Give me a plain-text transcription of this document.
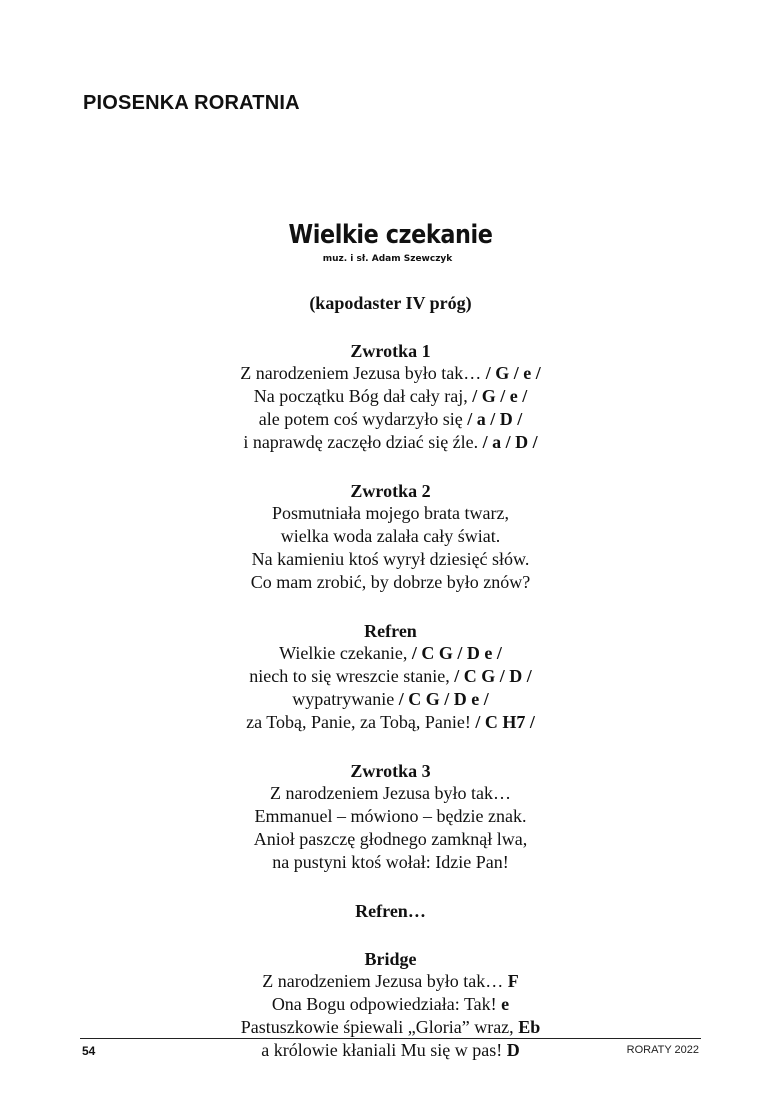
PIOSENKA RORATNIA
Wielkie czekanie
muz. i sł. Adam Szewczyk
(kapodaster IV próg)
Zwrotka 1
Z narodzeniem Jezusa było tak… / G / e /
Na początku Bóg dał cały raj, / G / e /
ale potem coś wydarzyło się / a / D /
i naprawdę zaczęło dziać się źle. / a / D /
Zwrotka 2
Posmutniała mojego brata twarz,
wielka woda zalała cały świat.
Na kamieniu ktoś wyrył dziesięć słów.
Co mam zrobić, by dobrze było znów?
Refren
Wielkie czekanie, / C G / D e /
niech to się wreszcie stanie, / C G / D /
wypatrywanie / C G / D e /
za Tobą, Panie, za Tobą, Panie! / C H7 /
Zwrotka 3
Z narodzeniem Jezusa było tak…
Emmanuel – mówiono – będzie znak.
Anioł paszczę głodnego zamknął lwa,
na pustyni ktoś wołał: Idzie Pan!
Refren…
Bridge
Z narodzeniem Jezusa było tak… F
Ona Bogu odpowiedziała: Tak! e
Pastuszkowie śpiewali „Gloria” wraz, Eb
a królowie kłaniali Mu się w pas! D
54	RORATY 2022
